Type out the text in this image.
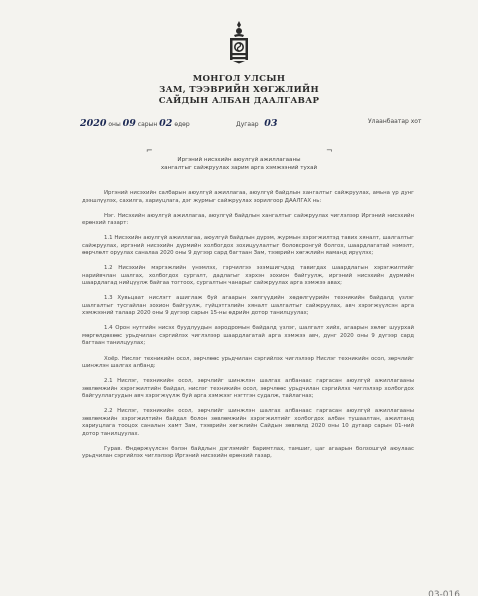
МОНГОЛ УЛСЫН
ЗАМ, ТЭЭВРИЙН ХӨГЖЛИЙН
САЙДЫН АЛБАН ДААЛГАВАР
2020 оны 09 сарын 02 өдөр	Дугаар 03	Улаанбаатар хот
⌐	¬
Иргэний нисэхийн аюулгүй ажиллагааны
хангалтыг сайжруулах зарим арга хэмжээний тухай

Иргэний нисэхийн салбарын аюулгүй ажиллагаа, аюулгүй байдлын хангалтыг сайжруулах, амьнa үр дунг дээшлүүлэх, сахилга, хариуцлага, дэг журмыг сайжруулах зорилгоор ДААЛГАХ нь:

Нэг. Нисэхийн аюулгүй ажиллагаа, аюулгүй байдлын хангалтыг сайжруулах чиглэлээр Иргэний нисэхийн ерөнхий газарт:

1.1 Нисэхийн аюулгүй ажиллагаа, аюулгүй байдлын дүрэм, журмын хэрэгжилтэд тавих хяналт, шалгалтыг сайжруулах, иргэний нисэхийн дүрмийн холбогдох зохицуулалтыг боловсронгуй болгох, шаардлагатай нэмэлт, өөрчлөлт оруулах саналаа 2020 оны 9 дүгээр сард багтаан Зам, тээврийн хөгжлийн яаманд ирүүлэх;

1.2 Нисэхийн мэргэжлийн үнэмлэх, гэрчилгээ эзэмшигчдэд тавигдах шаардлагын хэрэгжилтийг нарийвчлан шалгах, холбогдох сургалт, дадлагыг хэрхэн зохион байгуулж, иргэний нисэхийн дүрмийн шаардлагад нийцүүлж байгаа тогтоох, сургалтын чанарыг сайжруулах арга хэмжээ авах;

1.3 Хувьцаат нислэгт ашиглаж буй агаарын хөлгүүдийн хөдөлгүүрийн техникийн байдалд үзлэг шалгалтыг тусгайлан зохион байгуулж, гүйцэтгэлийн хяналт шалгалтыг сайжруулах, авч хэрэгжүүлсэн арга хэмжээний талаар 2020 оны 9 дүгээр сарын 15-ны өдрийн дотор танилцуулах;

1.4 Орон нутгийн нисэх буудлуудын аэродромын байдалд үзлэг, шалгалт хийх, агаарын хөлөг шуурхай мөргөлдөхөөс урьдчилан сэргийлэх чиглэлээр шаардлагатай арга хэмжээ авч, дүнг 2020 оны 9 дүгээр сард багтаан танилцуулах;

Хоёр. Нислэг техникийн осол, зөрчлөөс урьдчилан сэргийлэх чиглэлээр Нислэг техникийн осол, зөрчлийг шинжлэн шалгах албанд:

2.1 Нислэг, техникийн осол, зөрчлийг шинжлэн шалгах албанаас гаргасан аюулгүй ажиллагааны зөвлөмжийн хэрэгжилтийн байдал, нислэг техникийн осол, зөрчлөөс урьдчилан сэргийлэх чиглэлээр холбогдох байгууллагуудын авч хэрэгжүүлж буй арга хэмжээг нэгтгэн судалж, тайлагнах;

2.2 Нислэг, техникийн осол, зөрчлийг шинжлэн шалгах албанаас гаргасан аюулгүй ажиллагааны зөвлөмжийн хэрэгжилтийн байдал болон зөвлөмжийн хэрэгжилтийг холбогдох албан тушаалтан, ажилтанд хариуцлага тооцох саналын хамт Зам, тээврийн хөгжлийн Сайдын зөвлөлд 2020 оны 10 дугаар сарын 01-ний дотор танилцуулах.

Гурав. Өндөржүүлсэн бэлэн байдлын дэглэмийг баримтлах, тамшиг, цаг агаарын болзошгүй аюулаас урьдчилан сэргийлэх чиглэлээр Иргэний нисэхийн ерөнхий газар,

03-016
